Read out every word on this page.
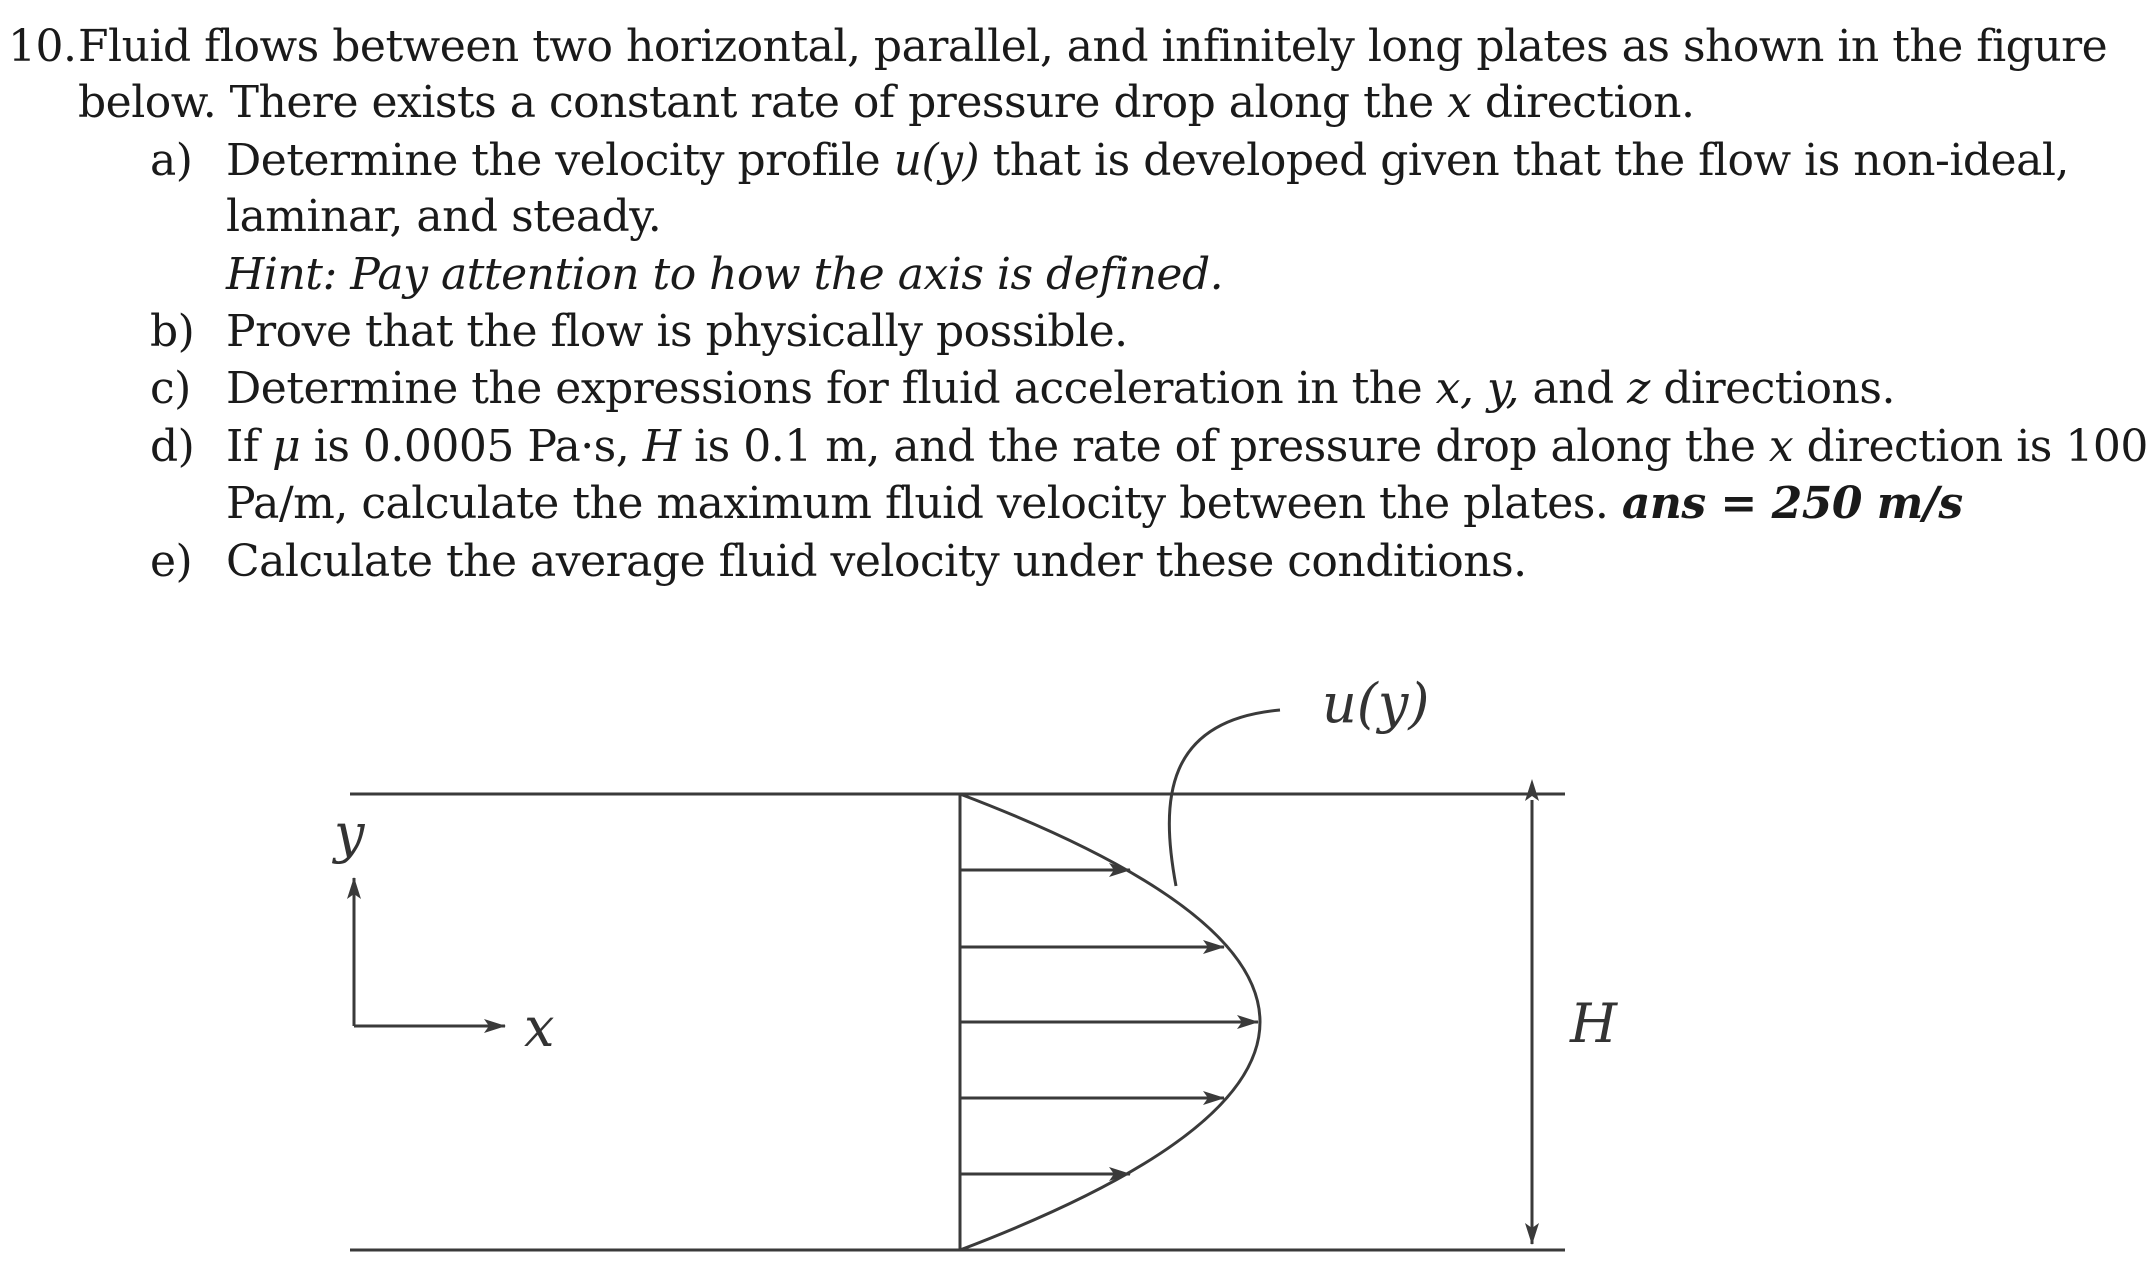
10. Fluid flows between two horizontal, parallel, and infinitely long plates as shown in the figure
below. There exists a constant rate of pressure drop along the x direction.
a) Determine the velocity profile u(y) that is developed given that the flow is non-ideal,
laminar, and steady.
Hint: Pay attention to how the axis is defined.
b) Prove that the flow is physically possible.
c) Determine the expressions for fluid acceleration in the x, y, and z directions.
d) If μ is 0.0005 Pa·s, H is 0.1 m, and the rate of pressure drop along the x direction is 100
Pa/m, calculate the maximum fluid velocity between the plates. ans = 250 m/s
e) Calculate the average fluid velocity under these conditions.
u(y)
y
x	H
